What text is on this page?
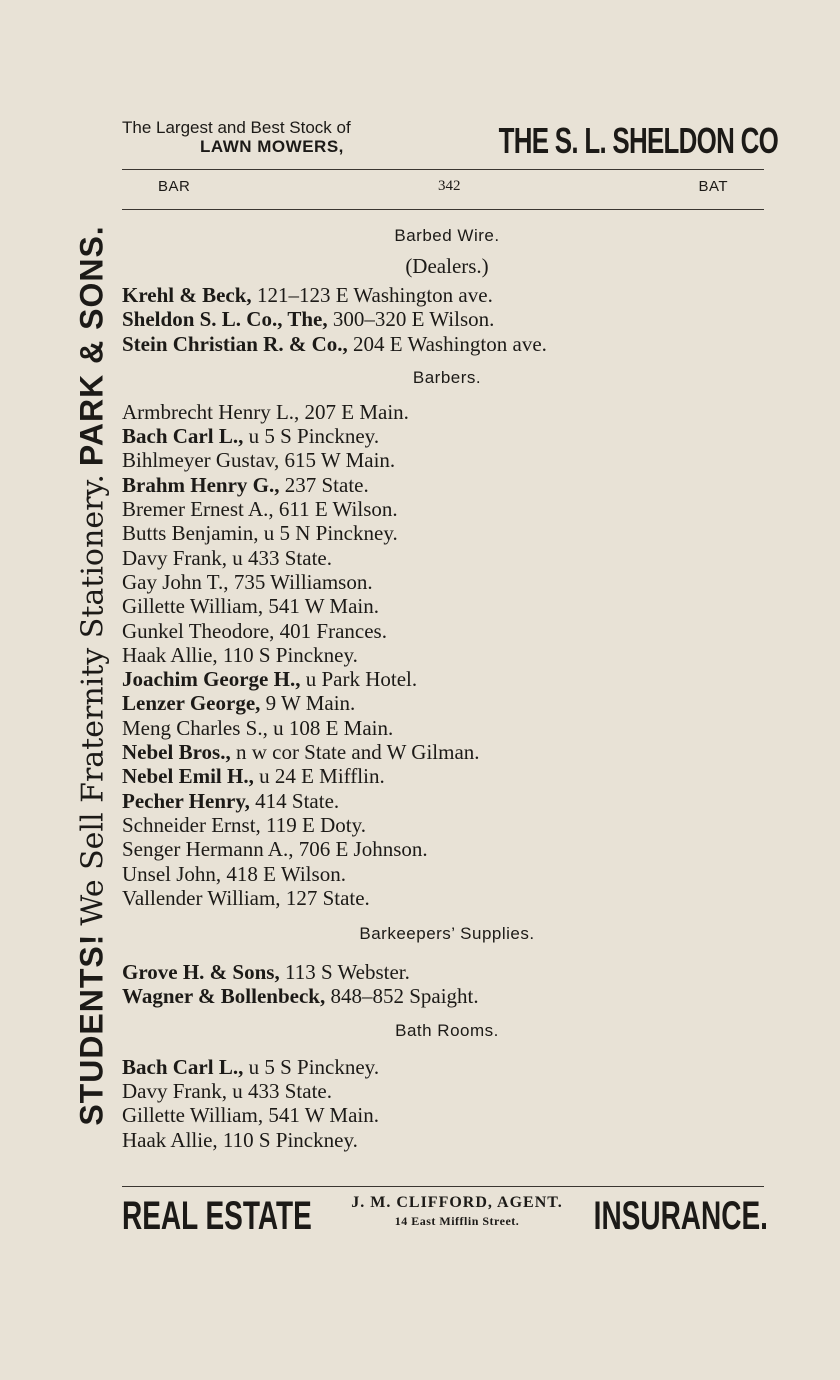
STUDENTS! We Sell Fraternity Stationery. PARK & SONS.
The Largest and Best Stock of
LAWN MOWERS,	THE S. L. SHELDON CO
BAR	342	BAT
Barbed Wire.
(Dealers.)
Krehl & Beck, 121–123 E Washington ave.
Sheldon S. L. Co., The, 300–320 E Wilson.
Stein Christian R. & Co., 204 E Washington ave.
Barbers.
Armbrecht Henry L., 207 E Main.
Bach Carl L., u 5 S Pinckney.
Bihlmeyer Gustav, 615 W Main.
Brahm Henry G., 237 State.
Bremer Ernest A., 611 E Wilson.
Butts Benjamin, u 5 N Pinckney.
Davy Frank, u 433 State.
Gay John T., 735 Williamson.
Gillette William, 541 W Main.
Gunkel Theodore, 401 Frances.
Haak Allie, 110 S Pinckney.
Joachim George H., u Park Hotel.
Lenzer George, 9 W Main.
Meng Charles S., u 108 E Main.
Nebel Bros., n w cor State and W Gilman.
Nebel Emil H., u 24 E Mifflin.
Pecher Henry, 414 State.
Schneider Ernst, 119 E Doty.
Senger Hermann A., 706 E Johnson.
Unsel John, 418 E Wilson.
Vallender William, 127 State.
Barkeepers’ Supplies.
Grove H. & Sons, 113 S Webster.
Wagner & Bollenbeck, 848–852 Spaight.
Bath Rooms.
Bach Carl L., u 5 S Pinckney.
Davy Frank, u 433 State.
Gillette William, 541 W Main.
Haak Allie, 110 S Pinckney.
REAL ESTATE	J. M. CLIFFORD, AGENT.
14 East Mifflin Street.	INSURANCE.
